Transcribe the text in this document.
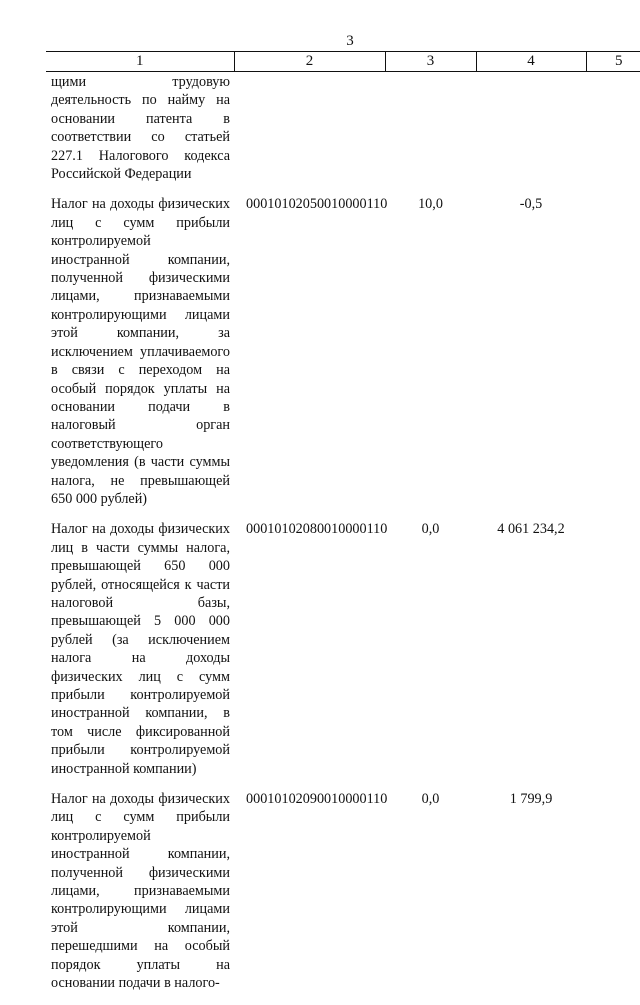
3
1	2	3	4	5
щими трудовую деятельность по найму на основании патента в соответствии со статьей 227.1 Налогового кодекса Российской Федерации				
Налог на доходы физических лиц с сумм прибыли контролируемой иностранной компании, полученной физическими лицами, признаваемыми контролирующими лицами этой компании, за исключением уплачиваемого в связи с переходом на особый порядок уплаты на основании подачи в налоговый орган соответствующего уведомления (в части суммы налога, не превышающей 650 000 рублей)	00010102050010000110	10,0	-0,5	
Налог на доходы физических лиц в части суммы налога, превышающей 650 000 рублей, относящейся к части налоговой базы, превышающей 5 000 000 рублей (за исключением налога на доходы физических лиц с сумм прибыли контролируемой иностранной компании, в том числе фиксированной прибыли контролируемой иностранной компании)	00010102080010000110	0,0	4 061 234,2	
Налог на доходы физических лиц с сумм прибыли контролируемой иностранной компании, полученной физическими лицами, признаваемыми контролирующими лицами этой компании, перешедшими на особый порядок уплаты на основании подачи в налого-	00010102090010000110	0,0	1 799,9	
